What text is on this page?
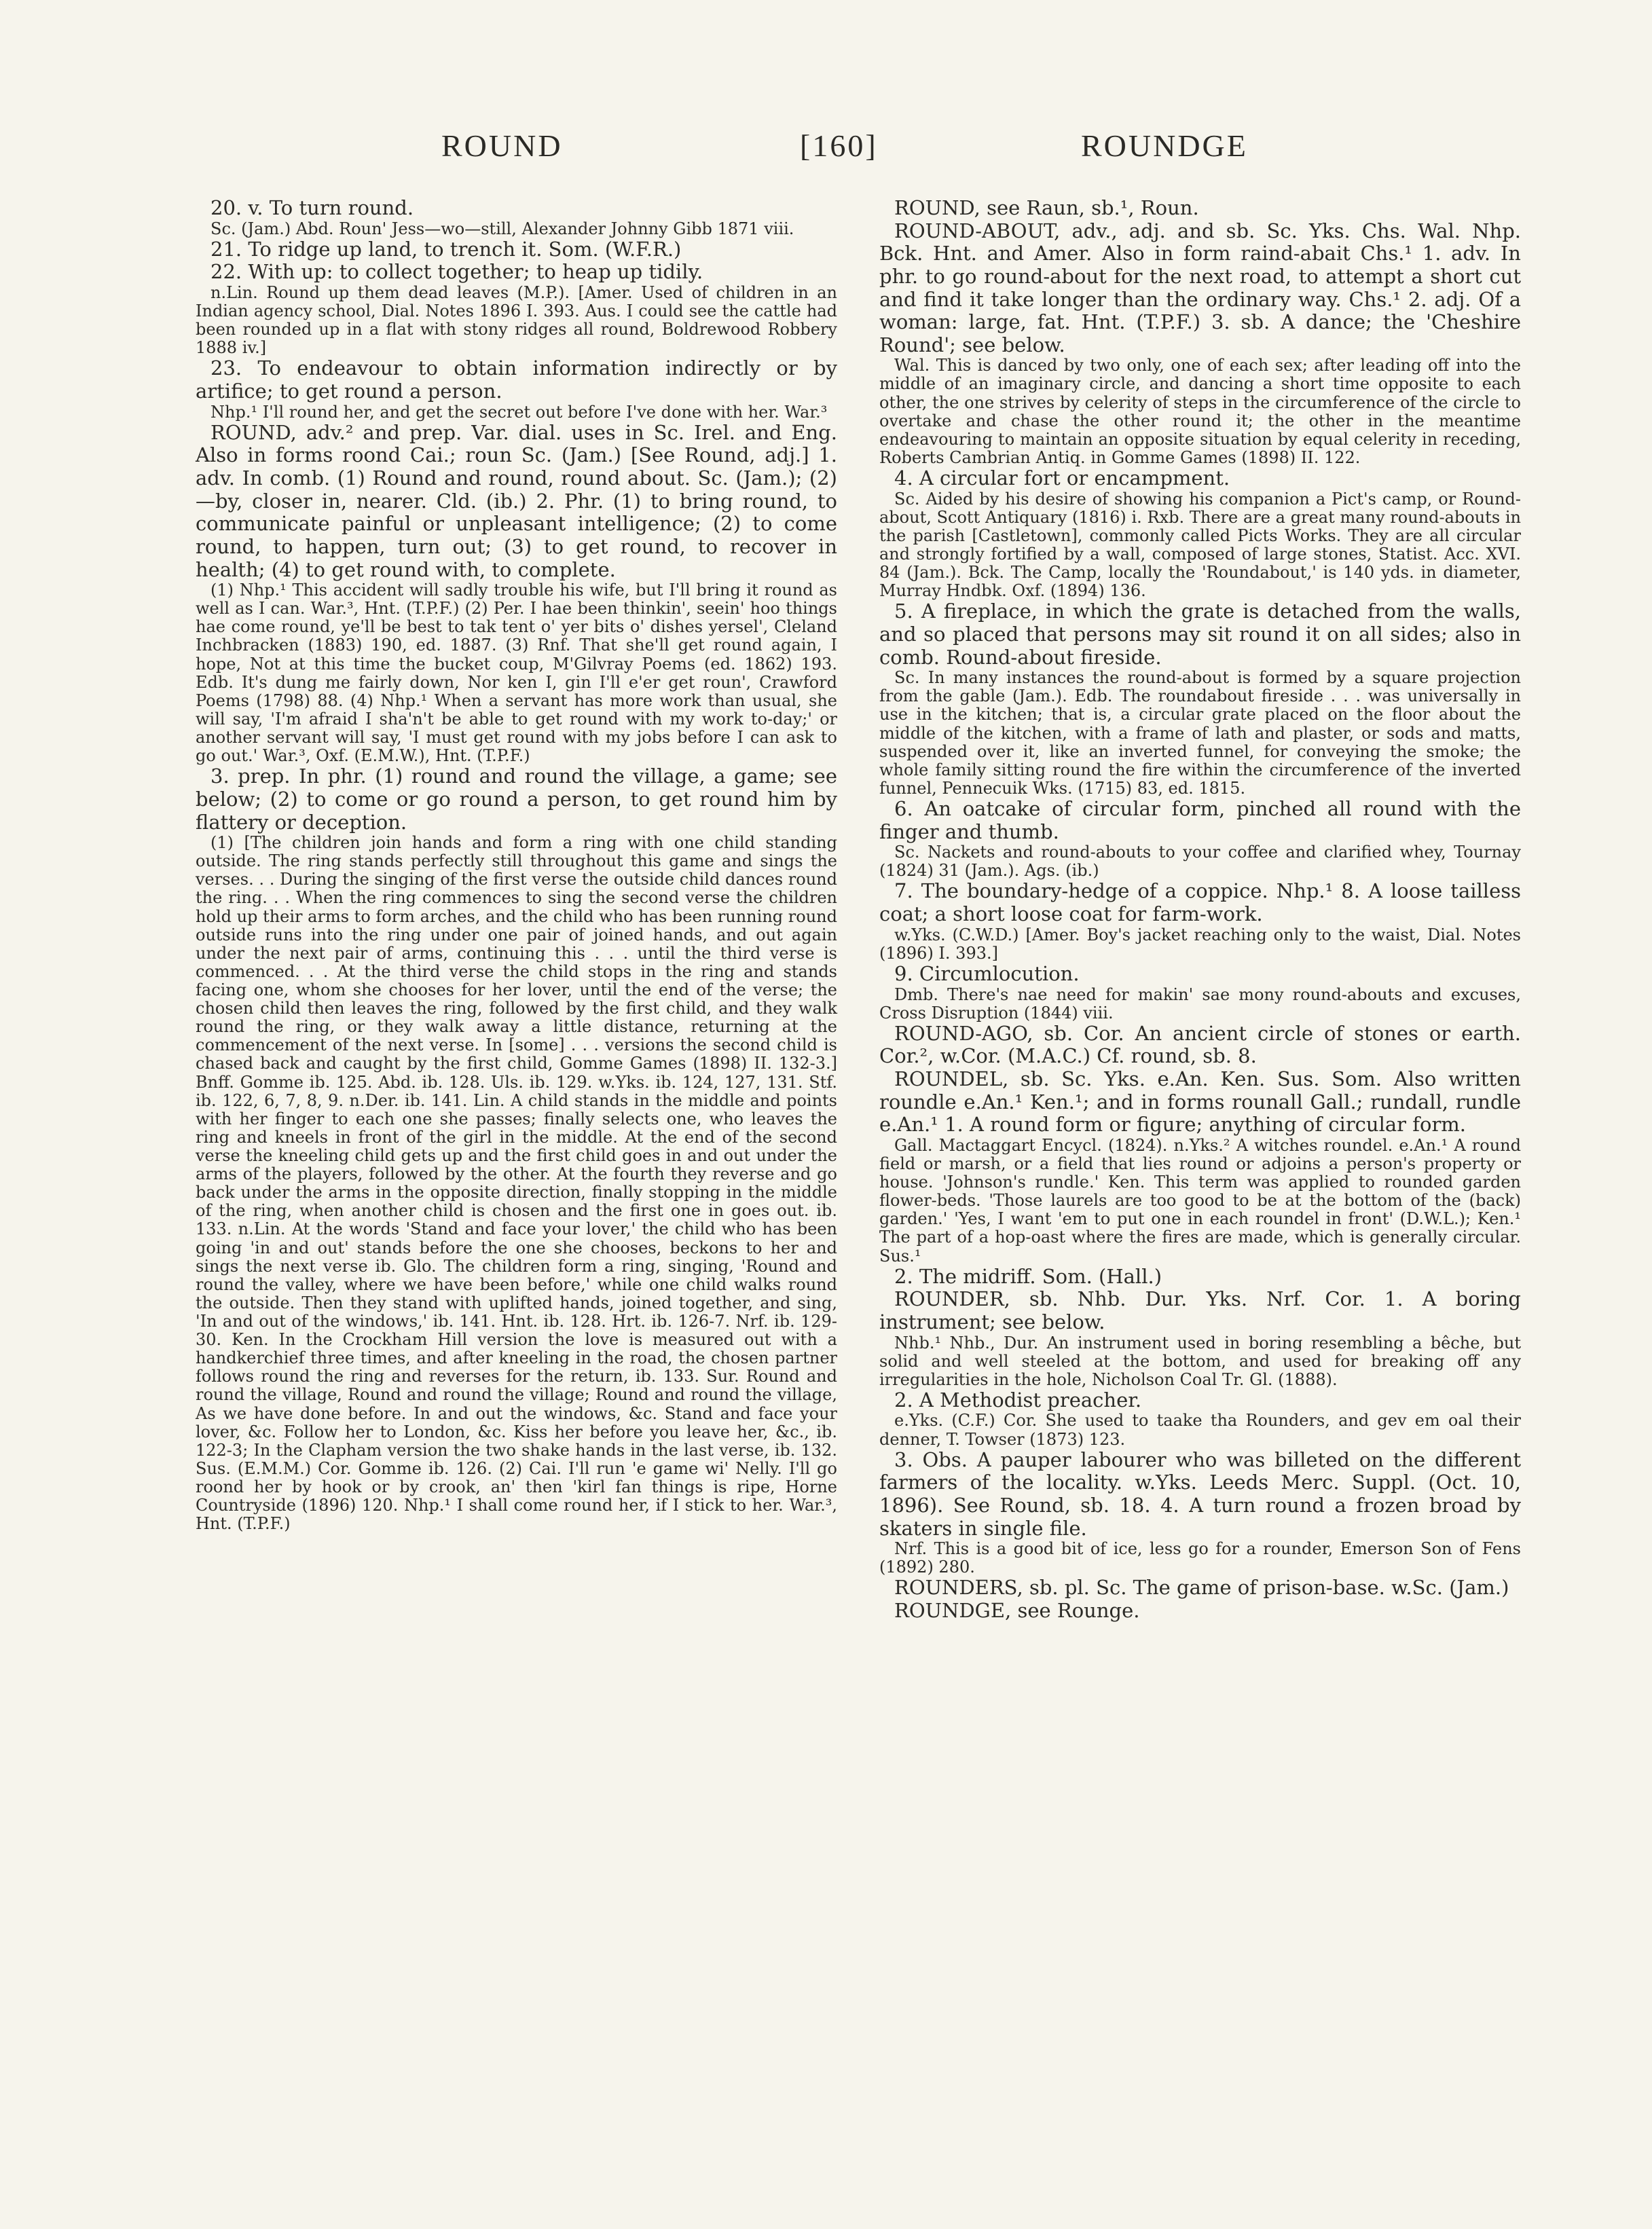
ROUND	[160]	ROUNDGE

20. v. To turn round.

Sc. (Jam.) Abd. Roun' Jess—wo—still, Alexander Johnny Gibb 1871 viii.

21. To ridge up land, to trench it. Som. (W.F.R.)

22. With up: to collect together; to heap up tidily.

n.Lin. Round up them dead leaves (M.P.). [Amer. Used of children in an Indian agency school, Dial. Notes 1896 I. 393. Aus. I could see the cattle had been rounded up in a flat with stony ridges all round, Boldrewood Robbery 1888 iv.]

23. To endeavour to obtain information indirectly or by artifice; to get round a person.

Nhp.¹ I'll round her, and get the secret out before I've done with her. War.³

ROUND, adv.² and prep. Var. dial. uses in Sc. Irel. and Eng. Also in forms roond Cai.; roun Sc. (Jam.) [See Round, adj.] 1. adv. In comb. (1) Round and round, round about. Sc. (Jam.); (2) —by, closer in, nearer. Cld. (ib.) 2. Phr. (1) to bring round, to communicate painful or unpleasant intelligence; (2) to come round, to happen, turn out; (3) to get round, to recover in health; (4) to get round with, to complete.

(1) Nhp.¹ This accident will sadly trouble his wife, but I'll bring it round as well as I can. War.³, Hnt. (T.P.F.) (2) Per. I hae been thinkin', seein' hoo things hae come round, ye'll be best to tak tent o' yer bits o' dishes yersel', Cleland Inchbracken (1883) 190, ed. 1887. (3) Rnf. That she'll get round again, I hope, Not at this time the bucket coup, M'Gilvray Poems (ed. 1862) 193. Edb. It's dung me fairly down, Nor ken I, gin I'll e'er get roun', Crawford Poems (1798) 88. (4) Nhp.¹ When a servant has more work than usual, she will say, 'I'm afraid I sha'n't be able to get round with my work to-day;' or another servant will say, 'I must get round with my jobs before I can ask to go out.' War.³, Oxf. (E.M.W.), Hnt. (T.P.F.)

3. prep. In phr. (1) round and round the village, a game; see below; (2) to come or go round a person, to get round him by flattery or deception.

(1) [The children join hands and form a ring with one child standing outside. The ring stands perfectly still throughout this game and sings the verses. . . During the singing of the first verse the outside child dances round the ring. . . When the ring commences to sing the second verse the children hold up their arms to form arches, and the child who has been running round outside runs into the ring under one pair of joined hands, and out again under the next pair of arms, continuing this . . . until the third verse is commenced. . . At the third verse the child stops in the ring and stands facing one, whom she chooses for her lover, until the end of the verse; the chosen child then leaves the ring, followed by the first child, and they walk round the ring, or they walk away a little distance, returning at the commencement of the next verse. In [some] . . . versions the second child is chased back and caught by the first child, Gomme Games (1898) II. 132-3.] Bnff. Gomme ib. 125. Abd. ib. 128. Uls. ib. 129. w.Yks. ib. 124, 127, 131. Stf. ib. 122, 6, 7, 8, 9. n.Der. ib. 141. Lin. A child stands in the middle and points with her finger to each one she passes; finally selects one, who leaves the ring and kneels in front of the girl in the middle. At the end of the second verse the kneeling child gets up and the first child goes in and out under the arms of the players, followed by the other. At the fourth they reverse and go back under the arms in the opposite direction, finally stopping in the middle of the ring, when another child is chosen and the first one in goes out. ib. 133. n.Lin. At the words 'Stand and face your lover,' the child who has been going 'in and out' stands before the one she chooses, beckons to her and sings the next verse ib. Glo. The children form a ring, singing, 'Round and round the valley, where we have been before,' while one child walks round the outside. Then they stand with uplifted hands, joined together, and sing, 'In and out of the windows,' ib. 141. Hnt. ib. 128. Hrt. ib. 126-7. Nrf. ib. 129-30. Ken. In the Crockham Hill version the love is measured out with a handkerchief three times, and after kneeling in the road, the chosen partner follows round the ring and reverses for the return, ib. 133. Sur. Round and round the village, Round and round the village; Round and round the village, As we have done before. In and out the windows, &c. Stand and face your lover, &c. Follow her to London, &c. Kiss her before you leave her, &c., ib. 122-3; In the Clapham version the two shake hands in the last verse, ib. 132. Sus. (E.M.M.) Cor. Gomme ib. 126. (2) Cai. I'll run 'e game wi' Nelly. I'll go roond her by hook or by crook, an' then 'kirl fan things is ripe, Horne Countryside (1896) 120. Nhp.¹ I shall come round her, if I stick to her. War.³, Hnt. (T.P.F.)

ROUND, see Raun, sb.¹, Roun.

ROUND-ABOUT, adv., adj. and sb. Sc. Yks. Chs. Wal. Nhp. Bck. Hnt. and Amer. Also in form raind-abait Chs.¹ 1. adv. In phr. to go round-about for the next road, to attempt a short cut and find it take longer than the ordinary way. Chs.¹ 2. adj. Of a woman: large, fat. Hnt. (T.P.F.) 3. sb. A dance; the 'Cheshire Round'; see below.

Wal. This is danced by two only, one of each sex; after leading off into the middle of an imaginary circle, and dancing a short time opposite to each other, the one strives by celerity of steps in the circumference of the circle to overtake and chase the other round it; the other in the meantime endeavouring to maintain an opposite situation by equal celerity in receding, Roberts Cambrian Antiq. in Gomme Games (1898) II. 122.

4. A circular fort or encampment.

Sc. Aided by his desire of showing his companion a Pict's camp, or Round-about, Scott Antiquary (1816) i. Rxb. There are a great many round-abouts in the parish [Castletown], commonly called Picts Works. They are all circular and strongly fortified by a wall, composed of large stones, Statist. Acc. XVI. 84 (Jam.). Bck. The Camp, locally the 'Roundabout,' is 140 yds. in diameter, Murray Hndbk. Oxf. (1894) 136.

5. A fireplace, in which the grate is detached from the walls, and so placed that persons may sit round it on all sides; also in comb. Round-about fireside.

Sc. In many instances the round-about is formed by a square projection from the gable (Jam.). Edb. The roundabout fireside . . . was universally in use in the kitchen; that is, a circular grate placed on the floor about the middle of the kitchen, with a frame of lath and plaster, or sods and matts, suspended over it, like an inverted funnel, for conveying the smoke; the whole family sitting round the fire within the circumference of the inverted funnel, Pennecuik Wks. (1715) 83, ed. 1815.

6. An oatcake of circular form, pinched all round with the finger and thumb.

Sc. Nackets and round-abouts to your coffee and clarified whey, Tournay (1824) 31 (Jam.). Ags. (ib.)

7. The boundary-hedge of a coppice. Nhp.¹ 8. A loose tailless coat; a short loose coat for farm-work.

w.Yks. (C.W.D.) [Amer. Boy's jacket reaching only to the waist, Dial. Notes (1896) I. 393.]

9. Circumlocution.

Dmb. There's nae need for makin' sae mony round-abouts and excuses, Cross Disruption (1844) viii.

ROUND-AGO, sb. Cor. An ancient circle of stones or earth. Cor.², w.Cor. (M.A.C.) Cf. round, sb. 8.

ROUNDEL, sb. Sc. Yks. e.An. Ken. Sus. Som. Also written roundle e.An.¹ Ken.¹; and in forms rounall Gall.; rundall, rundle e.An.¹ 1. A round form or figure; anything of circular form.

Gall. Mactaggart Encycl. (1824). n.Yks.² A witches roundel. e.An.¹ A round field or marsh, or a field that lies round or adjoins a person's property or house. 'Johnson's rundle.' Ken. This term was applied to rounded garden flower-beds. 'Those laurels are too good to be at the bottom of the (back) garden.' 'Yes, I want 'em to put one in each roundel in front' (D.W.L.); Ken.¹ The part of a hop-oast where the fires are made, which is generally circular. Sus.¹

2. The midriff. Som. (Hall.)

ROUNDER, sb. Nhb. Dur. Yks. Nrf. Cor. 1. A boring instrument; see below.

Nhb.¹ Nhb., Dur. An instrument used in boring resembling a bêche, but solid and well steeled at the bottom, and used for breaking off any irregularities in the hole, Nicholson Coal Tr. Gl. (1888).

2. A Methodist preacher.

e.Yks. (C.F.) Cor. She used to taake tha Rounders, and gev em oal their denner, T. Towser (1873) 123.

3. Obs. A pauper labourer who was billeted on the different farmers of the locality. w.Yks. Leeds Merc. Suppl. (Oct. 10, 1896). See Round, sb. 18. 4. A turn round a frozen broad by skaters in single file.

Nrf. This is a good bit of ice, less go for a rounder, Emerson Son of Fens (1892) 280.

ROUNDERS, sb. pl. Sc. The game of prison-base. w.Sc. (Jam.)

ROUNDGE, see Rounge.
